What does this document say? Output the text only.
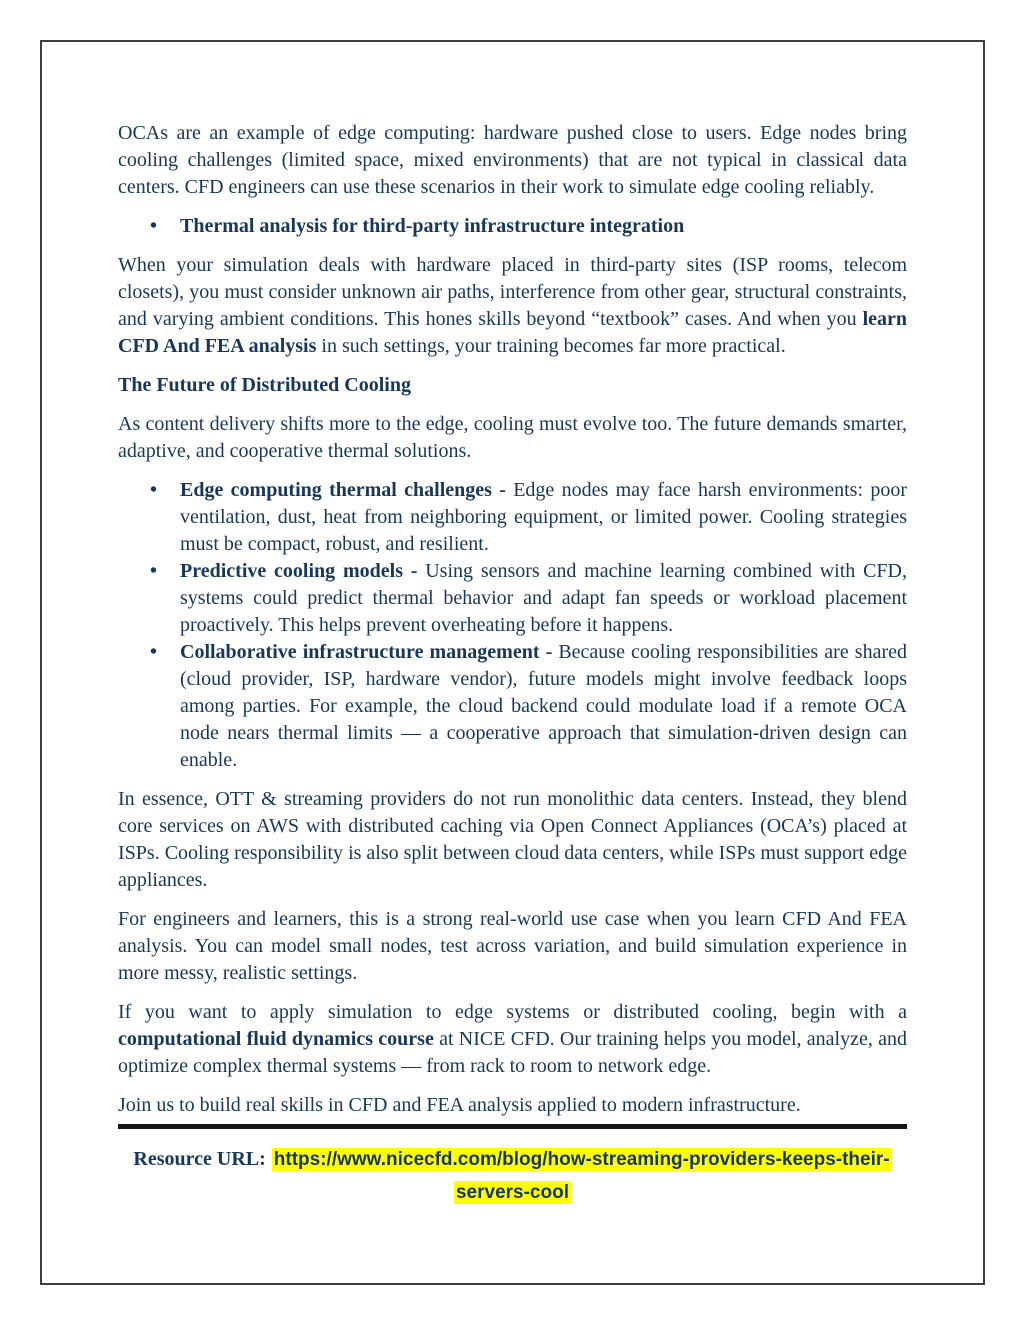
OCAs are an example of edge computing: hardware pushed close to users. Edge nodes bring cooling challenges (limited space, mixed environments) that are not typical in classical data centers. CFD engineers can use these scenarios in their work to simulate edge cooling reliably.

• Thermal analysis for third-party infrastructure integration

When your simulation deals with hardware placed in third-party sites (ISP rooms, telecom closets), you must consider unknown air paths, interference from other gear, structural constraints, and varying ambient conditions. This hones skills beyond “textbook” cases. And when you learn CFD And FEA analysis in such settings, your training becomes far more practical.

The Future of Distributed Cooling

As content delivery shifts more to the edge, cooling must evolve too. The future demands smarter, adaptive, and cooperative thermal solutions.

• Edge computing thermal challenges - Edge nodes may face harsh environments: poor ventilation, dust, heat from neighboring equipment, or limited power. Cooling strategies must be compact, robust, and resilient.
• Predictive cooling models - Using sensors and machine learning combined with CFD, systems could predict thermal behavior and adapt fan speeds or workload placement proactively. This helps prevent overheating before it happens.
• Collaborative infrastructure management - Because cooling responsibilities are shared (cloud provider, ISP, hardware vendor), future models might involve feedback loops among parties. For example, the cloud backend could modulate load if a remote OCA node nears thermal limits — a cooperative approach that simulation-driven design can enable.

In essence, OTT & streaming providers do not run monolithic data centers. Instead, they blend core services on AWS with distributed caching via Open Connect Appliances (OCA’s) placed at ISPs. Cooling responsibility is also split between cloud data centers, while ISPs must support edge appliances.

For engineers and learners, this is a strong real-world use case when you learn CFD And FEA analysis. You can model small nodes, test across variation, and build simulation experience in more messy, realistic settings.

If you want to apply simulation to edge systems or distributed cooling, begin with a computational fluid dynamics course at NICE CFD. Our training helps you model, analyze, and optimize complex thermal systems — from rack to room to network edge.

Join us to build real skills in CFD and FEA analysis applied to modern infrastructure.

Resource URL: https://www.nicecfd.com/blog/how-streaming-providers-keeps-their-servers-cool
